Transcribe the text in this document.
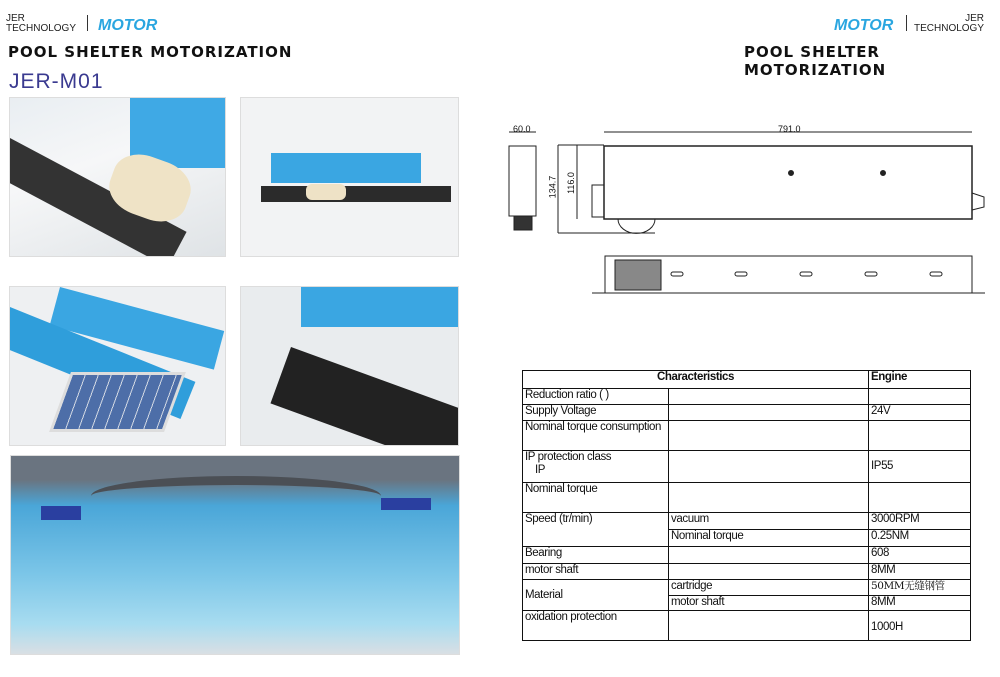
JER
TECHNOLOGY MOTOR
POOL SHELTER MOTORIZATION
JER-M01
MOTOR	JER
TECHNOLOGY
POOL SHELTER MOTORIZATION
60.0	791.0
134.7 116.0
Characteristics		Engine
Reduction ratio ( )		
Supply Voltage		24V
Nominal torque consumption		

IP protection class
IP		IP55
Nominal torque		
Speed (tr/min)	vacuum	3000RPM
	Nominal torque	0.25NM
Bearing		608
motor shaft		8MM
Material	cartridge	50MM无缝钢管
	motor shaft	8MM
oxidation protection		1000H
